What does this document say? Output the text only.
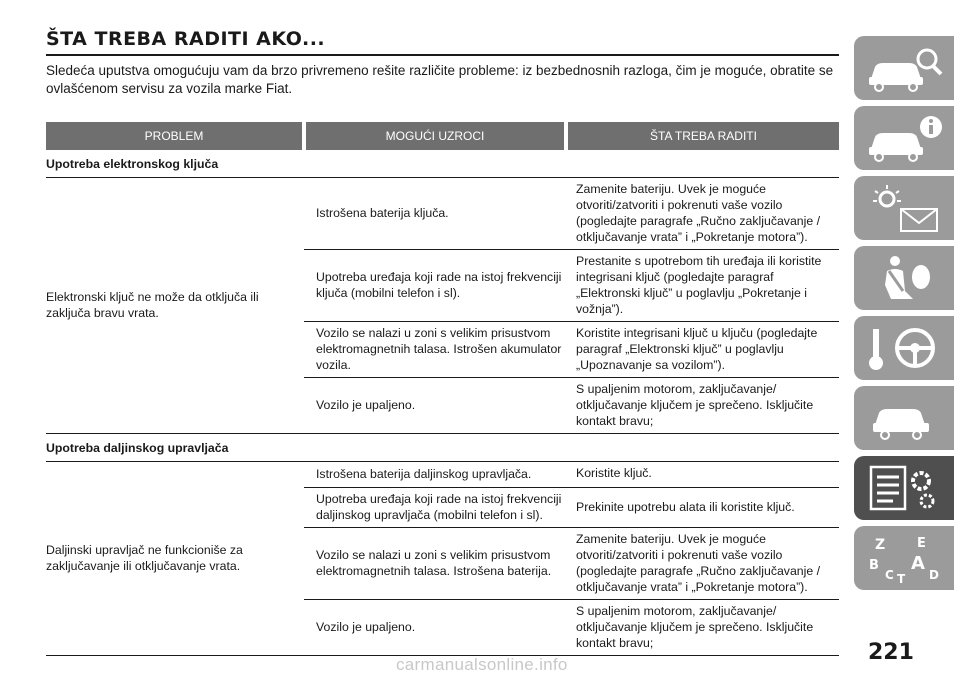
ŠTA TREBA RADITI AKO...
Sledeća uputstva omogućuju vam da brzo privremeno rešite različite probleme: iz bezbednosnih razloga, čim je moguće, obratite se ovlašćenom servisu za vozila marke Fiat.
PROBLEM	MOGUĆI UZROCI	ŠTA TREBA RADITI
Upotreba elektronskog ključa		
Elektronski ključ ne može da otključa ili zaključa bravu vrata.	Istrošena baterija ključa.	Zamenite bateriju. Uvek je moguće otvoriti/zatvoriti i pokrenuti vaše vozilo (pogledajte paragrafe „Ručno zaključavanje / otključavanje vrata” i „Pokretanje motora”).
	Upotreba uređaja koji rade na istoj frekvenciji ključa (mobilni telefon i sl).	Prestanite s upotrebom tih uređaja ili koristite integrisani ključ (pogledajte paragraf „Elektronski ključ” u poglavlju „Pokretanje i vožnja”).
	Vozilo se nalazi u zoni s velikim prisustvom elektromagnetnih talasa. Istrošen akumulator vozila.	Koristite integrisani ključ u ključu (pogledajte paragraf „Elektronski ključ” u poglavlju „Upoznavanje sa vozilom”).
	Vozilo je upaljeno.	S upaljenim motorom, zaključavanje/ otključavanje ključem je sprečeno. Isključite kontakt bravu;
Upotreba daljinskog upravljača		
Daljinski upravljač ne funkcioniše za zaključavanje ili otključavanje vrata.	Istrošena baterija daljinskog upravljača.	Koristite ključ.
	Upotreba uređaja koji rade na istoj frekvenciji daljinskog upravljača (mobilni telefon i sl).	Prekinite upotrebu alata ili koristite ključ.
	Vozilo se nalazi u zoni s velikim prisustvom elektromagnetnih talasa. Istrošena baterija.	Zamenite bateriju. Uvek je moguće otvoriti/zatvoriti i pokrenuti vaše vozilo (pogledajte paragrafe „Ručno zaključavanje / otključavanje vrata” i „Pokretanje motora”).
	Vozilo je upaljeno.	S upaljenim motorom, zaključavanje/ otključavanje ključem je sprečeno. Isključite kontakt bravu;
Z E
B A
C T D
221
carmanualsonline.info
